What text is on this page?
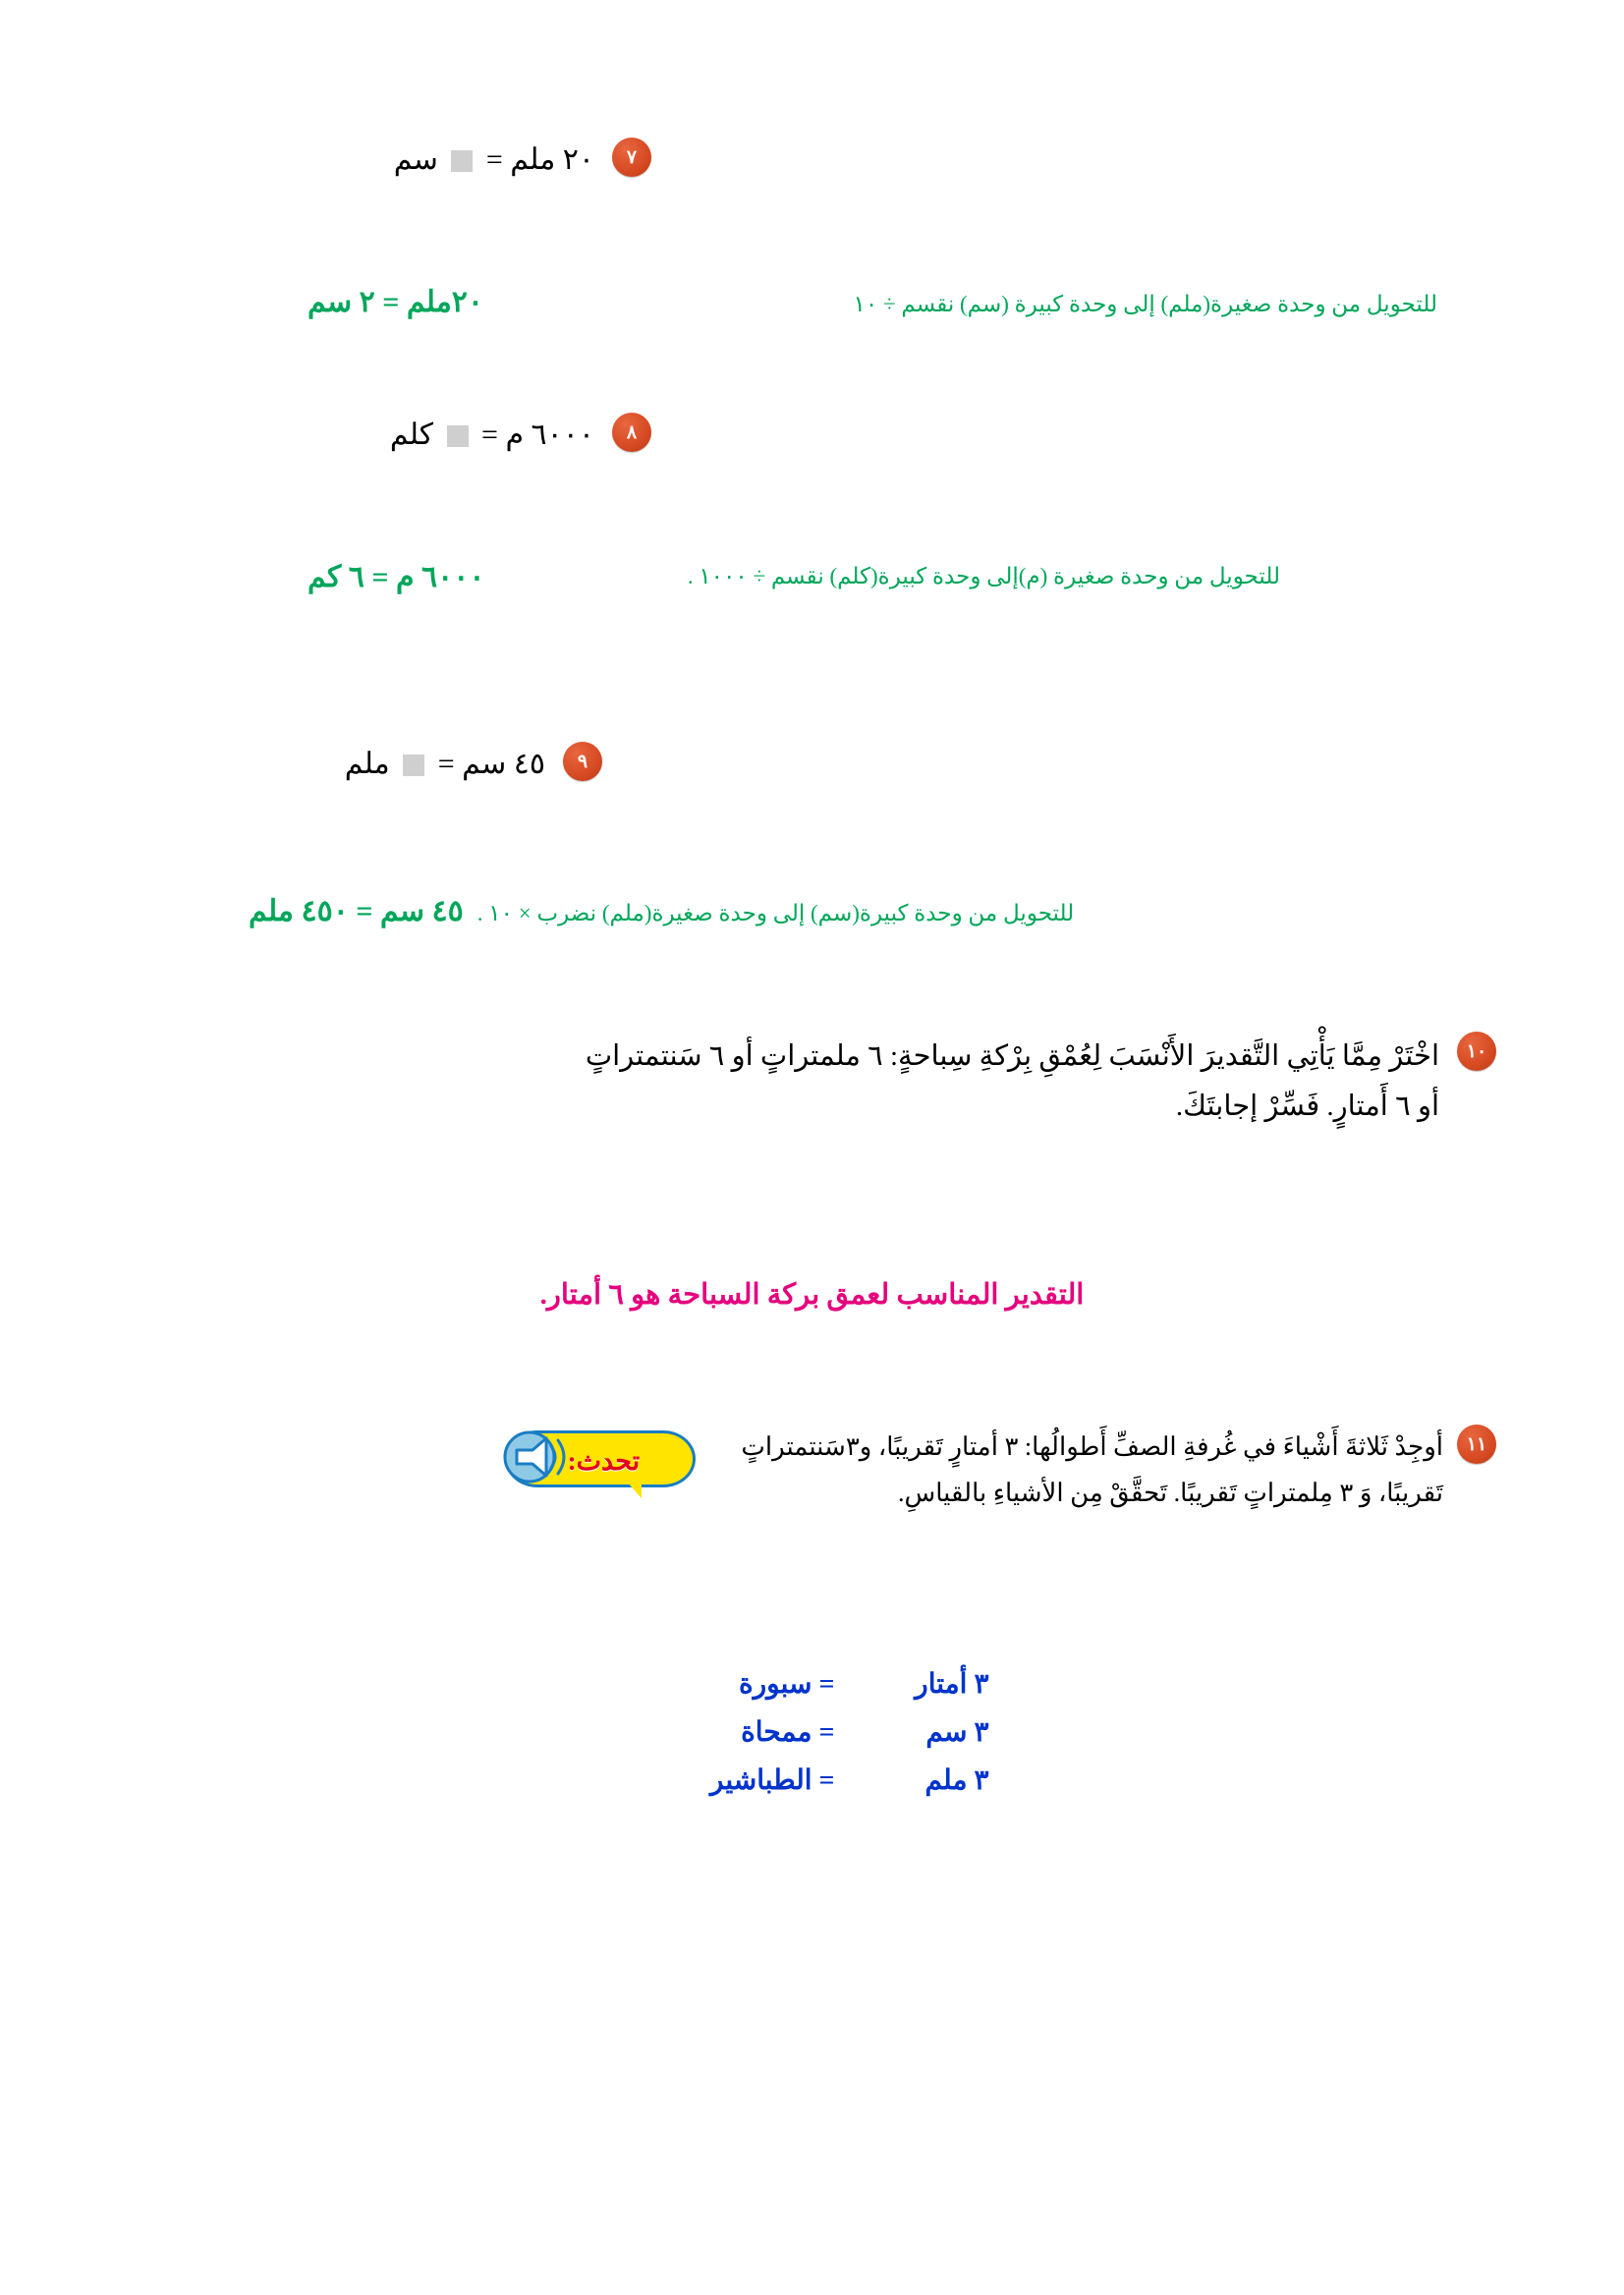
٧
٢٠ ملم =  سم
٢٠ملم = ٢ سم	للتحويل من وحدة صغيرة(ملم) إلى وحدة كبيرة (سم) نقسم ÷ ١٠
٨
٦٠٠٠ م =  كلم
٦٠٠٠ م = ٦ كم	للتحويل من وحدة صغيرة (م)إلى وحدة كبيرة(كلم) نقسم ÷ ١٠٠٠ .
٩
٤٥ سم =  ملم
٤٥ سم = ٤٥٠ ملم للتحويل من وحدة كبيرة(سم) إلى وحدة صغيرة(ملم) نضرب × ١٠ .
١٠
اخْتَرْ مِمَّا يَأْتِي التَّقديرَ الأَنْسَبَ لِعُمْقِ بِرْكةِ سِباحةٍ: ٦ ملمتراتٍ أو ٦ سَنتمتراتٍ
أو ٦ أَمتارٍ. فَسِّرْ إجابتَكَ.
التقدير المناسب لعمق بركة السباحة هو ٦ أمتار.
١١
تحدث:	أوجِدْ ثَلاثةَ أَشْياءَ في غُرفةِ الصفِّ أَطوالُها: ٣ أمتارٍ تَقريبًا، و٣سَنتمتراتٍ
تَقريبًا، وَ ٣ مِلمتراتٍ تَقريبًا. تَحقَّقْ مِن الأشياءِ بالقياسِ.
٣ أمتار = سبورة
٣ سم = ممحاة
٣ ملم = الطباشير
